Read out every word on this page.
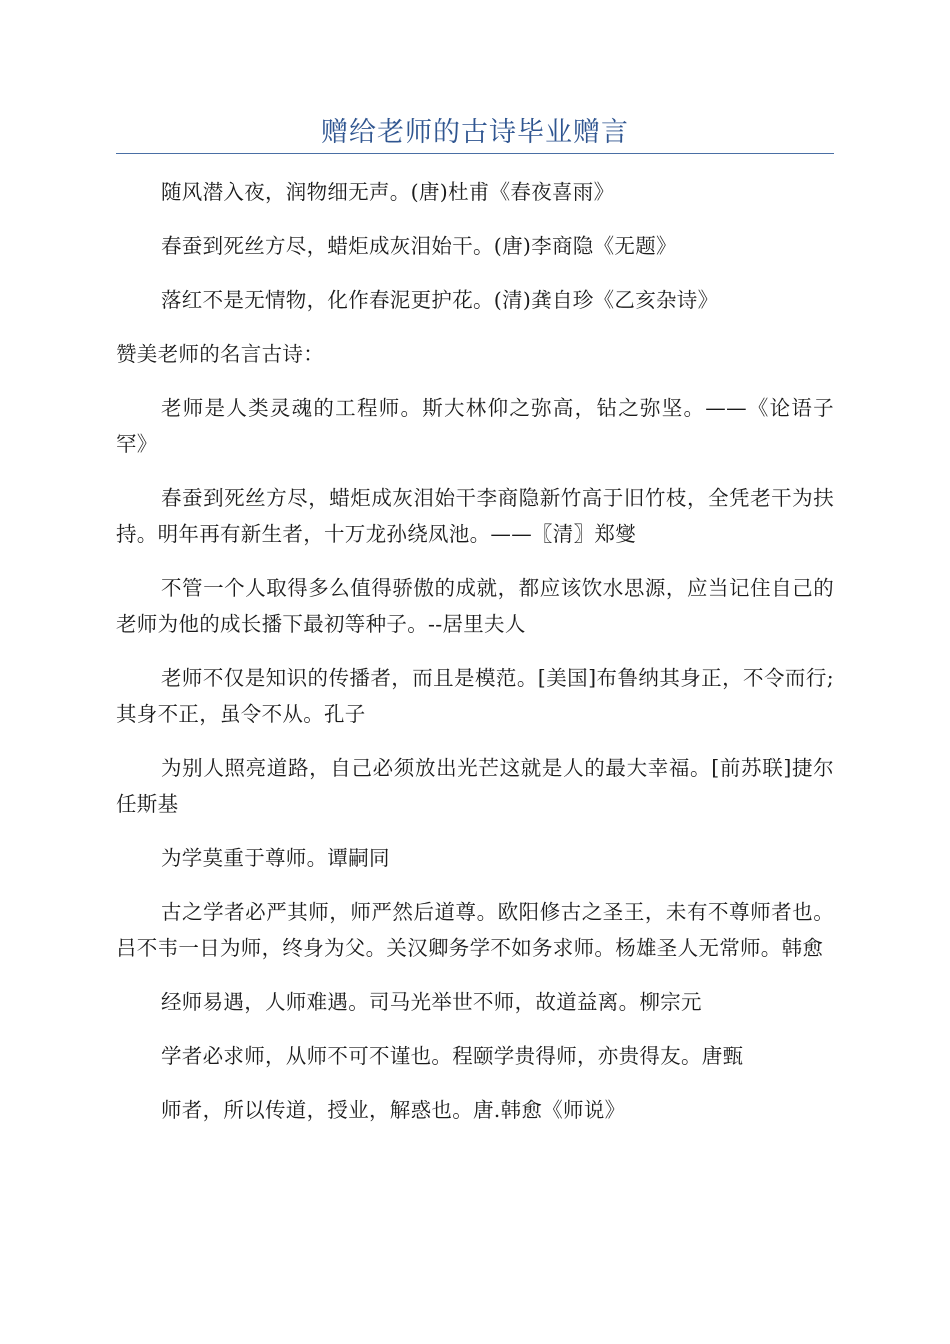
赠给老师的古诗毕业赠言

随风潜入夜，润物细无声。(唐)杜甫《春夜喜雨》

春蚕到死丝方尽，蜡炬成灰泪始干。(唐)李商隐《无题》

落红不是无情物，化作春泥更护花。(清)龚自珍《乙亥杂诗》

赞美老师的名言古诗：

老师是人类灵魂的工程师。斯大林仰之弥高，钻之弥坚。——《论语子罕》

春蚕到死丝方尽，蜡炬成灰泪始干李商隐新竹高于旧竹枝，全凭老干为扶持。明年再有新生者，十万龙孙绕凤池。——〖清〗郑燮

不管一个人取得多么值得骄傲的成就，都应该饮水思源，应当记住自己的老师为他的成长播下最初等种子。--居里夫人

老师不仅是知识的传播者，而且是模范。[美国]布鲁纳其身正，不令而行;其身不正，虽令不从。孔子

为别人照亮道路，自己必须放出光芒这就是人的最大幸福。[前苏联]捷尔任斯基

为学莫重于尊师。谭嗣同

古之学者必严其师，师严然后道尊。欧阳修古之圣王，未有不尊师者也。吕不韦一日为师，终身为父。关汉卿务学不如务求师。杨雄圣人无常师。韩愈

经师易遇，人师难遇。司马光举世不师，故道益离。柳宗元

学者必求师，从师不可不谨也。程颐学贵得师，亦贵得友。唐甄

师者，所以传道，授业，解惑也。唐.韩愈《师说》
